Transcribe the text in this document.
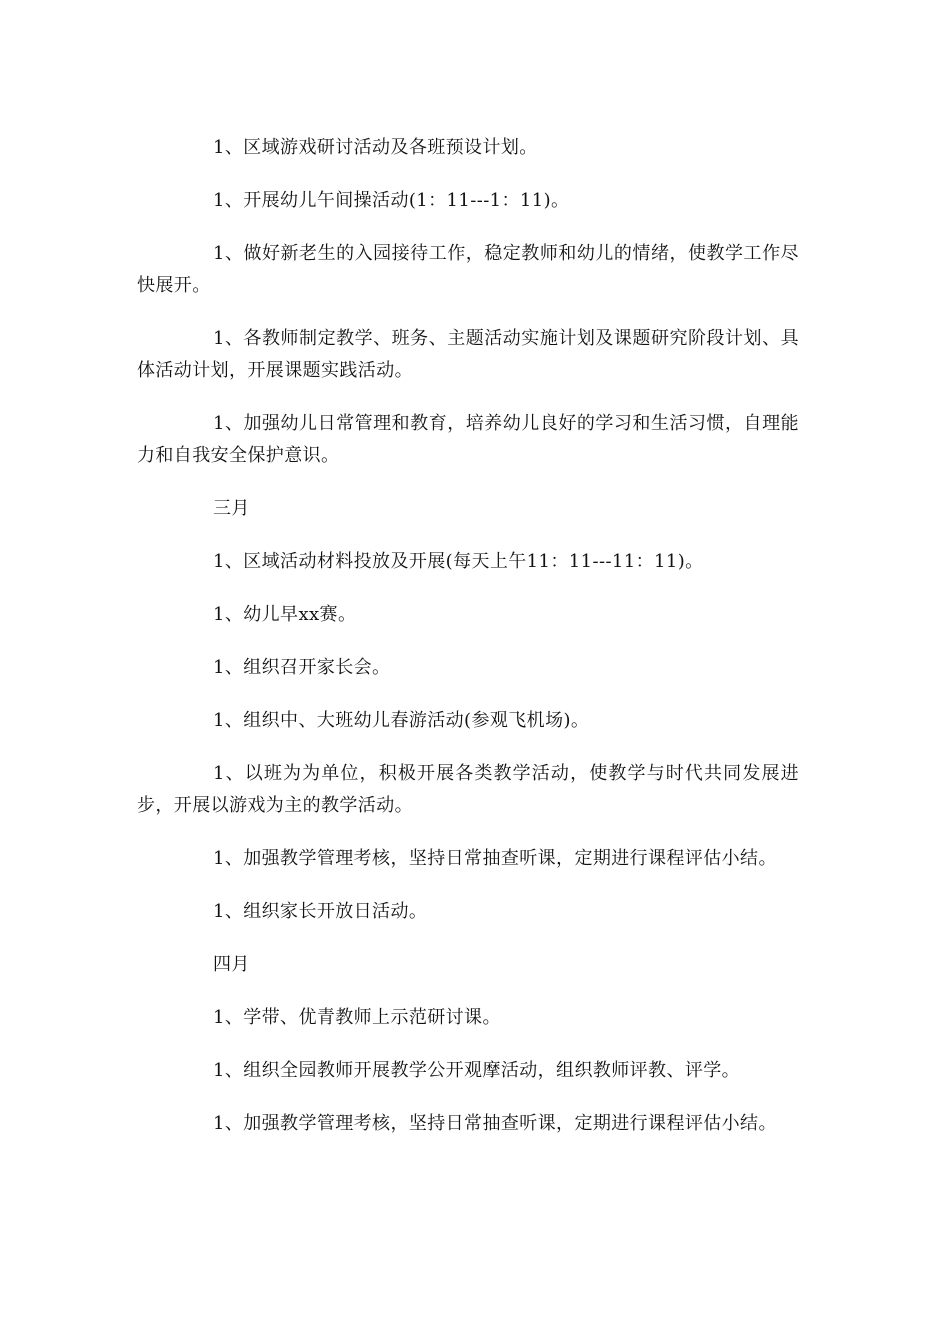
1、区域游戏研讨活动及各班预设计划。

1、开展幼儿午间操活动(1：11---1：11)。

1、做好新老生的入园接待工作，稳定教师和幼儿的情绪，使教学工作尽快展开。

1、各教师制定教学、班务、主题活动实施计划及课题研究阶段计划、具体活动计划，开展课题实践活动。

1、加强幼儿日常管理和教育，培养幼儿良好的学习和生活习惯，自理能力和自我安全保护意识。

三月

1、区域活动材料投放及开展(每天上午11：11---11：11)。

1、幼儿早xx赛。

1、组织召开家长会。

1、组织中、大班幼儿春游活动(参观飞机场)。

1、以班为为单位，积极开展各类教学活动，使教学与时代共同发展进步，开展以游戏为主的教学活动。

1、加强教学管理考核，坚持日常抽查听课，定期进行课程评估小结。

1、组织家长开放日活动。

四月

1、学带、优青教师上示范研讨课。

1、组织全园教师开展教学公开观摩活动，组织教师评教、评学。

1、加强教学管理考核，坚持日常抽查听课，定期进行课程评估小结。
